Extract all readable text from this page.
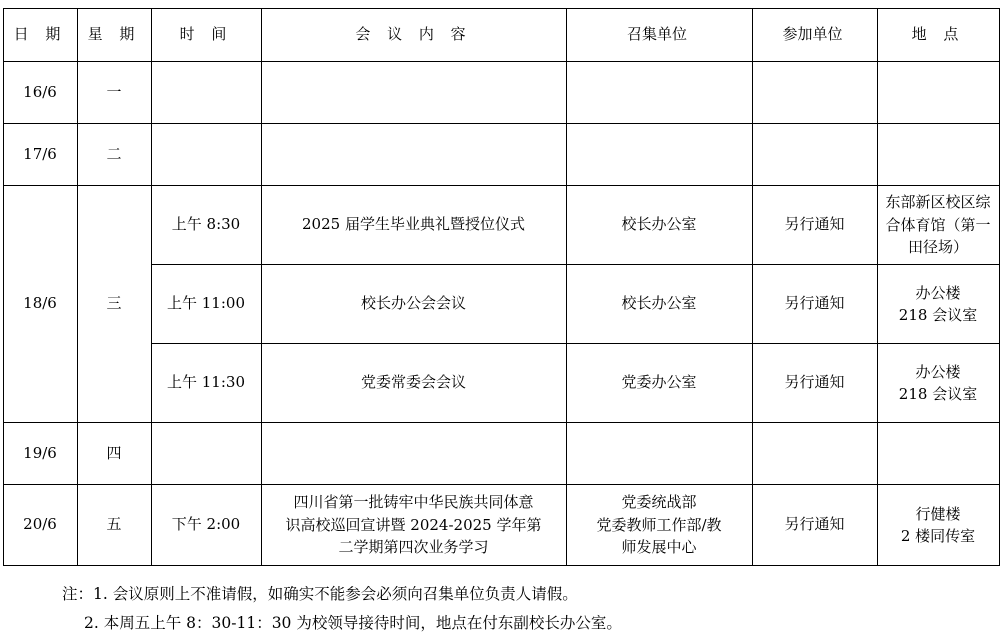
日 期	星 期	时 间	会 议 内 容	召集单位	参加单位	地 点
16/6	一					
17/6	二					
18/6	三	上午 8:30	2025 届学生毕业典礼暨授位仪式	校长办公室	另行通知	东部新区校区综
合体育馆（第一
田径场）

		上午 11:00	校长办公会会议	校长办公室	另行通知	办公楼
218 会议室

		上午 11:30	党委常委会会议	党委办公室	另行通知	办公楼
218 会议室

19/6	四					
20/6	五	下午 2:00	四川省第一批铸牢中华民族共同体意
识高校巡回宣讲暨 2024-2025 学年第
二学期第四次业务学习	党委统战部
党委教师工作部/教
师发展中心	另行通知	行健楼
2 楼同传室
注：1. 会议原则上不准请假，如确实不能参会必须向召集单位负责人请假。
2. 本周五上午 8：30-11：30 为校领导接待时间，地点在付东副校长办公室。
